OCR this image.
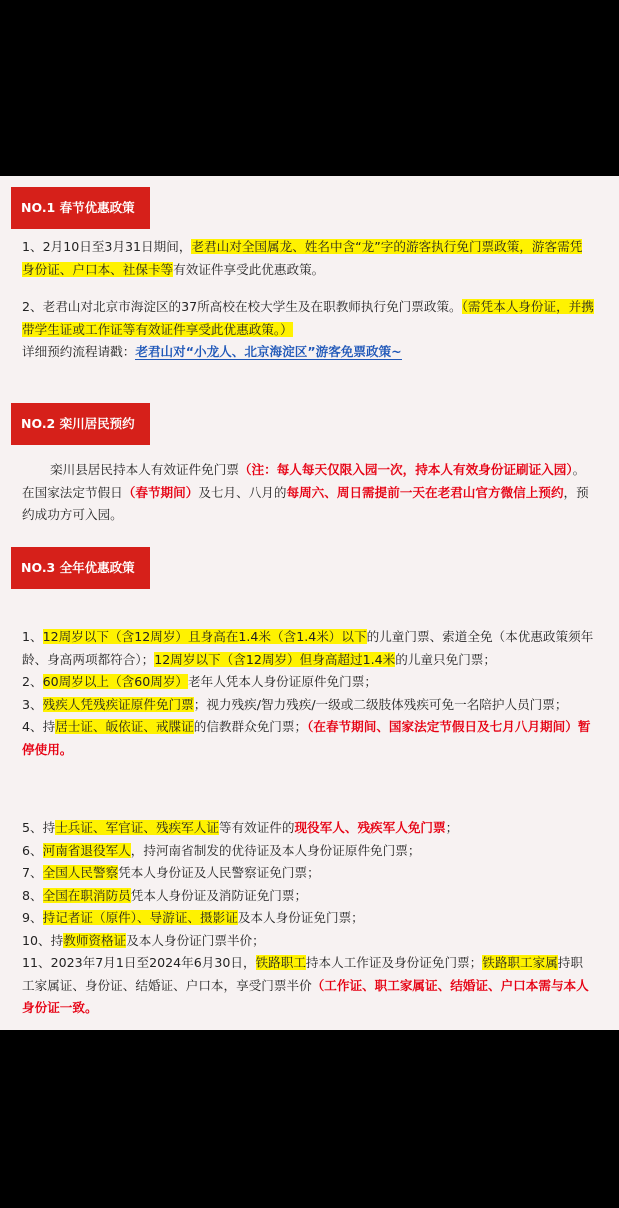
NO.1 春节优惠政策
1、2月10日至3月31日期间，老君山对全国属龙、姓名中含“龙”字的游客执行免门票政策，游客需凭身份证、户口本、社保卡等有效证件享受此优惠政策。
2、老君山对北京市海淀区的37所高校在校大学生及在职教师执行免门票政策。（需凭本人身份证，并携带学生证或工作证等有效证件享受此优惠政策。）
详细预约流程请戳：老君山对“小龙人、北京海淀区”游客免票政策~
NO.2 栾川居民预约
栾川县居民持本人有效证件免门票（注：每人每天仅限入园一次，持本人有效身份证刷证入园）。在国家法定节假日（春节期间）及七月、八月的每周六、周日需提前一天在老君山官方微信上预约，预约成功方可入园。
NO.3 全年优惠政策
1、12周岁以下（含12周岁）且身高在1.4米（含1.4米）以下的儿童门票、索道全免（本优惠政策须年龄、身高两项都符合）；12周岁以下（含12周岁）但身高超过1.4米的儿童只免门票；
2、60周岁以上（含60周岁）老年人凭本人身份证原件免门票；
3、残疾人凭残疾证原件免门票；视力残疾/智力残疾/一级或二级肢体残疾可免一名陪护人员门票；
4、持居士证、皈依证、戒牒证的信教群众免门票；（在春节期间、国家法定节假日及七月八月期间）暂停使用。
5、持士兵证、军官证、残疾军人证等有效证件的现役军人、残疾军人免门票；
6、河南省退役军人，持河南省制发的优待证及本人身份证原件免门票；
7、全国人民警察凭本人身份证及人民警察证免门票；
8、全国在职消防员凭本人身份证及消防证免门票；
9、持记者证（原件）、导游证、摄影证及本人身份证免门票；
10、持教师资格证及本人身份证门票半价；
11、2023年7月1日至2024年6月30日，铁路职工持本人工作证及身份证免门票；铁路职工家属持职工家属证、身份证、结婚证、户口本，享受门票半价（工作证、职工家属证、结婚证、户口本需与本人身份证一致。
